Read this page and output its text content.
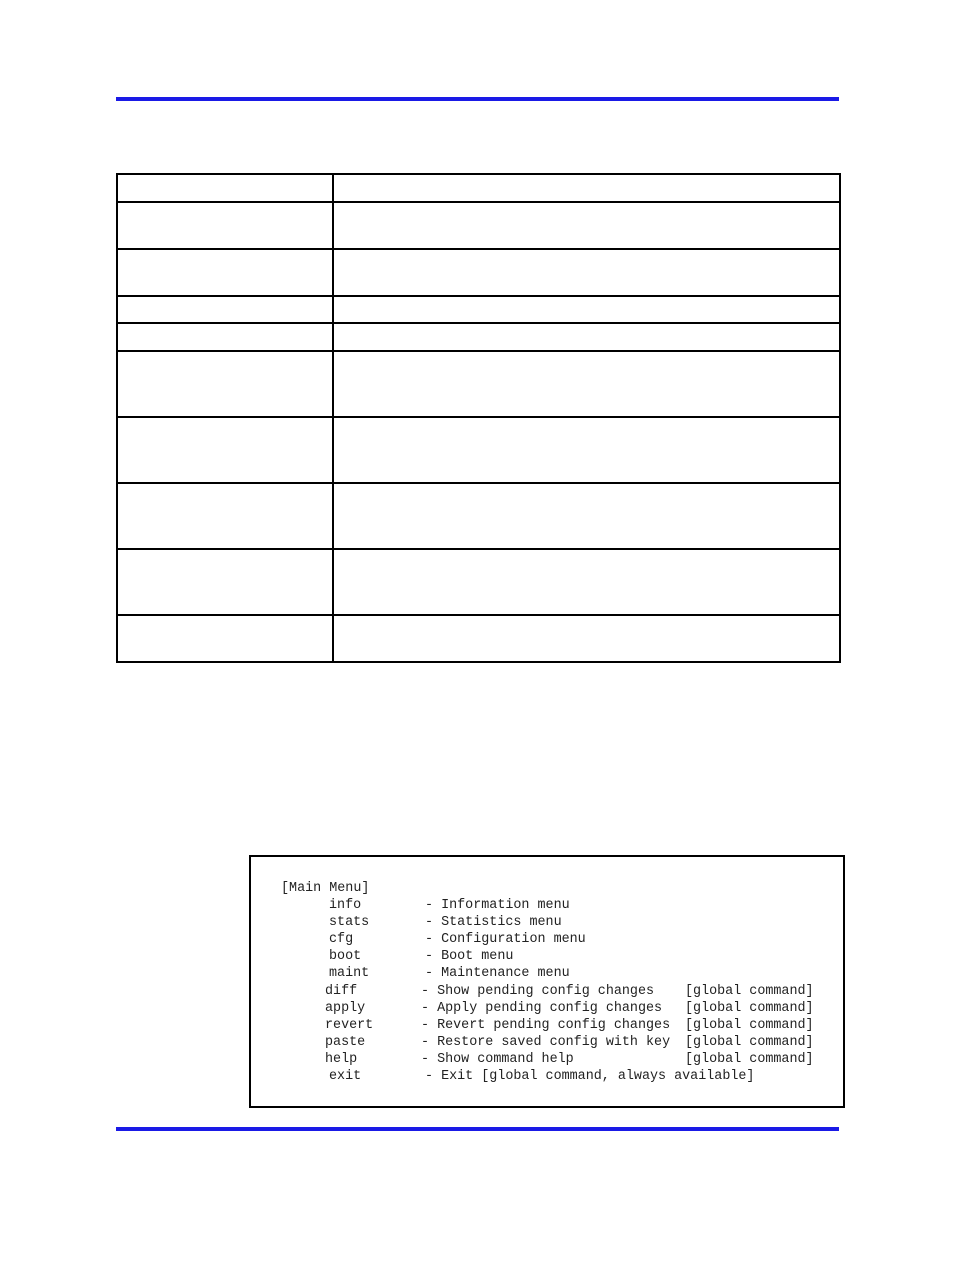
[Main Menu]
info	- Information menu
stats	- Statistics menu
cfg	- Configuration menu
boot	- Boot menu
maint	- Maintenance menu
diff	- Show pending config changes	[global command]
apply	- Apply pending config changes	[global command]
revert	- Revert pending config changes	[global command]
paste	- Restore saved config with key	[global command]
help	- Show command help	[global command]
exit	- Exit [global command, always available]
